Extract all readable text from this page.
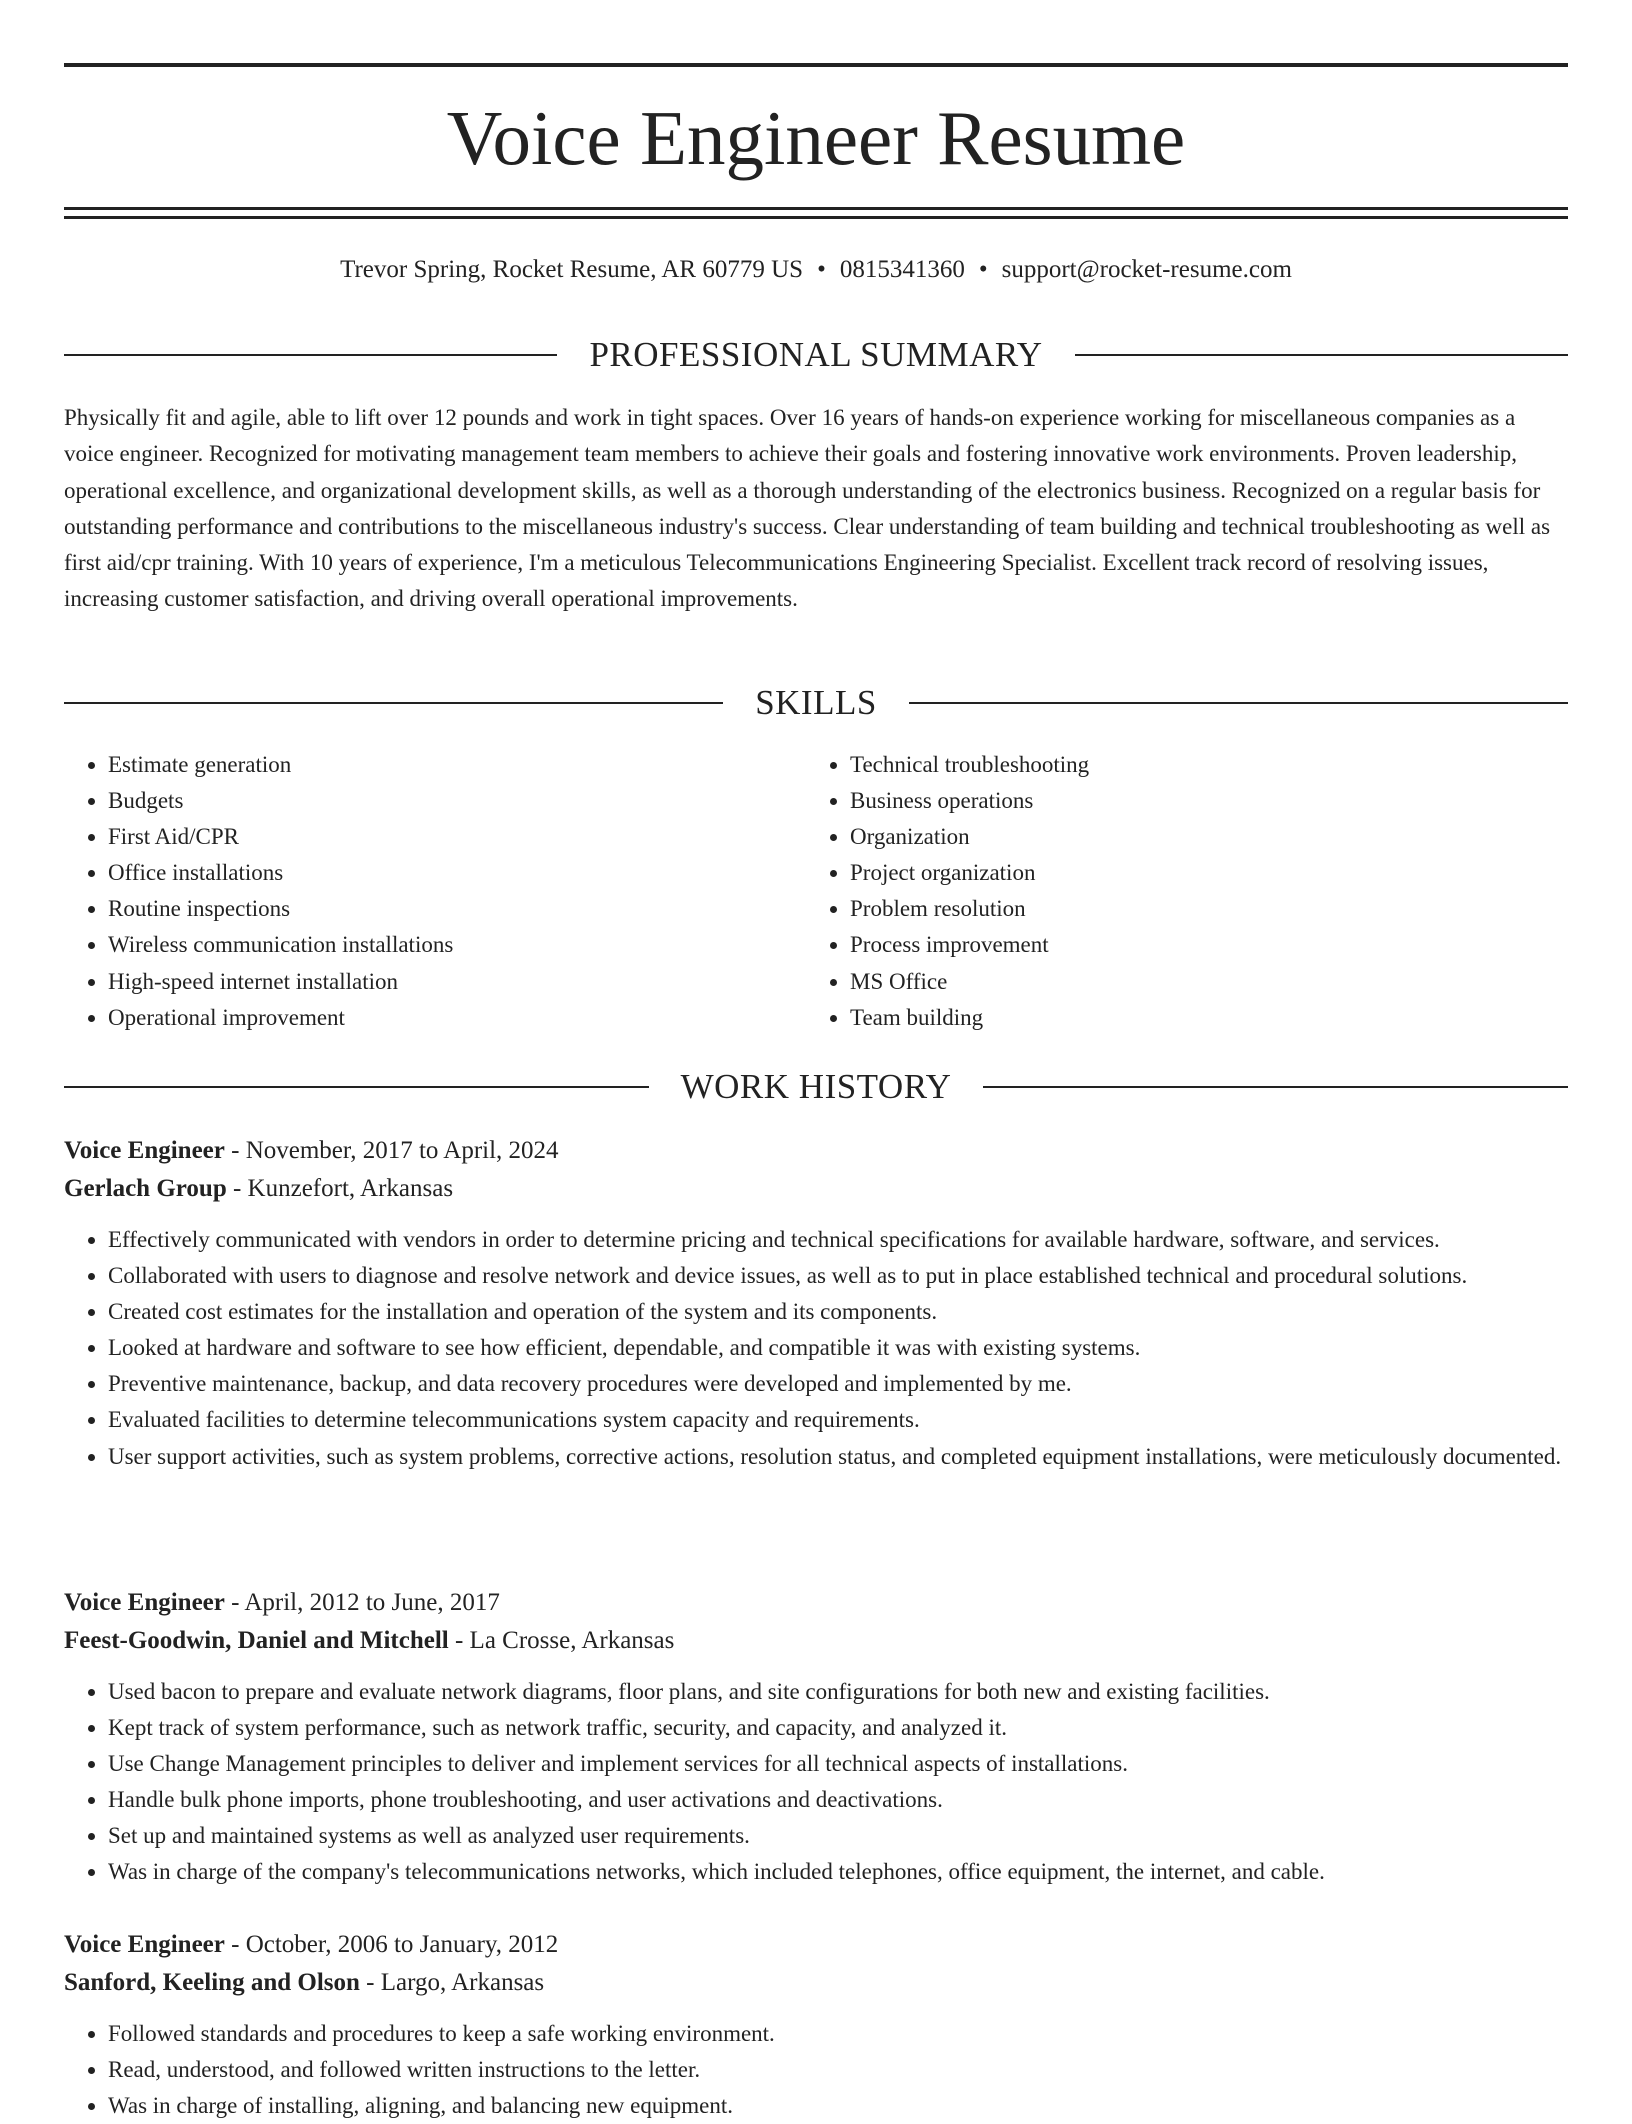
Voice Engineer Resume
Trevor Spring, Rocket Resume, AR 60779 US • 0815341360 • support@rocket-resume.com
PROFESSIONAL SUMMARY

Physically fit and agile, able to lift over 12 pounds and work in tight spaces. Over 16 years of hands-on experience working for miscellaneous companies as a voice engineer. Recognized for motivating management team members to achieve their goals and fostering innovative work environments. Proven leadership, operational excellence, and organizational development skills, as well as a thorough understanding of the electronics business. Recognized on a regular basis for outstanding performance and contributions to the miscellaneous industry's success. Clear understanding of team building and technical troubleshooting as well as first aid/cpr training. With 10 years of experience, I'm a meticulous Telecommunications Engineering Specialist. Excellent track record of resolving issues, increasing customer satisfaction, and driving overall operational improvements.

SKILLS
• Estimate generation
• Budgets
• First Aid/CPR
• Office installations
• Routine inspections
• Wireless communication installations
• High-speed internet installation
• Operational improvement
• Technical troubleshooting
• Business operations
• Organization
• Project organization
• Problem resolution
• Process improvement
• MS Office
• Team building
WORK HISTORY

Voice Engineer - November, 2017 to April, 2024

Gerlach Group - Kunzefort, Arkansas

• Effectively communicated with vendors in order to determine pricing and technical specifications for available hardware, software, and services.
• Collaborated with users to diagnose and resolve network and device issues, as well as to put in place established technical and procedural solutions.
• Created cost estimates for the installation and operation of the system and its components.
• Looked at hardware and software to see how efficient, dependable, and compatible it was with existing systems.
• Preventive maintenance, backup, and data recovery procedures were developed and implemented by me.
• Evaluated facilities to determine telecommunications system capacity and requirements.
• User support activities, such as system problems, corrective actions, resolution status, and completed equipment installations, were meticulously documented.

Voice Engineer - April, 2012 to June, 2017

Feest-Goodwin, Daniel and Mitchell - La Crosse, Arkansas

• Used bacon to prepare and evaluate network diagrams, floor plans, and site configurations for both new and existing facilities.
• Kept track of system performance, such as network traffic, security, and capacity, and analyzed it.
• Use Change Management principles to deliver and implement services for all technical aspects of installations.
• Handle bulk phone imports, phone troubleshooting, and user activations and deactivations.
• Set up and maintained systems as well as analyzed user requirements.
• Was in charge of the company's telecommunications networks, which included telephones, office equipment, the internet, and cable.

Voice Engineer - October, 2006 to January, 2012

Sanford, Keeling and Olson - Largo, Arkansas

• Followed standards and procedures to keep a safe working environment.
• Read, understood, and followed written instructions to the letter.
• Was in charge of installing, aligning, and balancing new equipment.
